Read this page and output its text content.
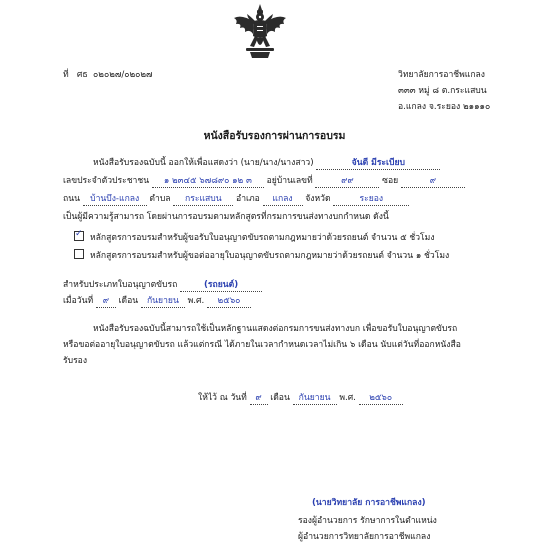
ที่ ศธ ๐๒๐๒๗/๐๒๐๒๗	วิทยาลัยการอาชีพแกลง
๓๓๓ หมู่ ๘ ต.กระแสบน
อ.แกลง จ.ระยอง ๒๑๑๑๐
หนังสือรับรองการผ่านการอบรม
หนังสือรับรองฉบับนี้ ออกให้เพื่อแสดงว่า (นาย/นาง/นางสาว)	จันดี มีระเบียบ
เลขประจำตัวประชาชน ๑ ๒๓๔๕ ๖๗๘๙๐ ๑๒ ๓ อยู่บ้านเลขที่	๙๙	ซอย	๙
ถนน บ้านบึง-แกลง ตำบล กระแสบน อำเภอ แกลง จังหวัด	ระยอง
เป็นผู้มีความรู้สามารถ โดยผ่านการอบรมตามหลักสูตรที่กรมการขนส่งทางบกกำหนด ดังนี้
✓ หลักสูตรการอบรมสำหรับผู้ขอรับใบอนุญาตขับรถตามกฎหมายว่าด้วยรถยนต์ จำนวน ๕ ชั่วโมง
หลักสูตรการอบรมสำหรับผู้ขอต่ออายุใบอนุญาตขับรถตามกฎหมายว่าด้วยรถยนต์ จำนวน ๑ ชั่วโมง
สำหรับประเภทใบอนุญาตขับรถ	(รถยนต์)
เมื่อวันที่ ๙ เดือน กันยายน พ.ศ. ๒๕๖๐
หนังสือรับรองฉบับนี้สามารถใช้เป็นหลักฐานแสดงต่อกรมการขนส่งทางบก เพื่อขอรับใบอนุญาตขับรถ
หรือขอต่ออายุใบอนุญาตขับรถ แล้วแต่กรณี ได้ภายในเวลากำหนดเวลาไม่เกิน ๖ เดือน นับแต่วันที่ออกหนังสือ
รับรอง
ให้ไว้ ณ วันที่ ๙ เดือน กันยายน พ.ศ. ๒๕๖๐
(นายวิทยาลัย การอาชีพแกลง)
รองผู้อำนวยการ รักษาการในตำแหน่ง
ผู้อำนวยการวิทยาลัยการอาชีพแกลง
